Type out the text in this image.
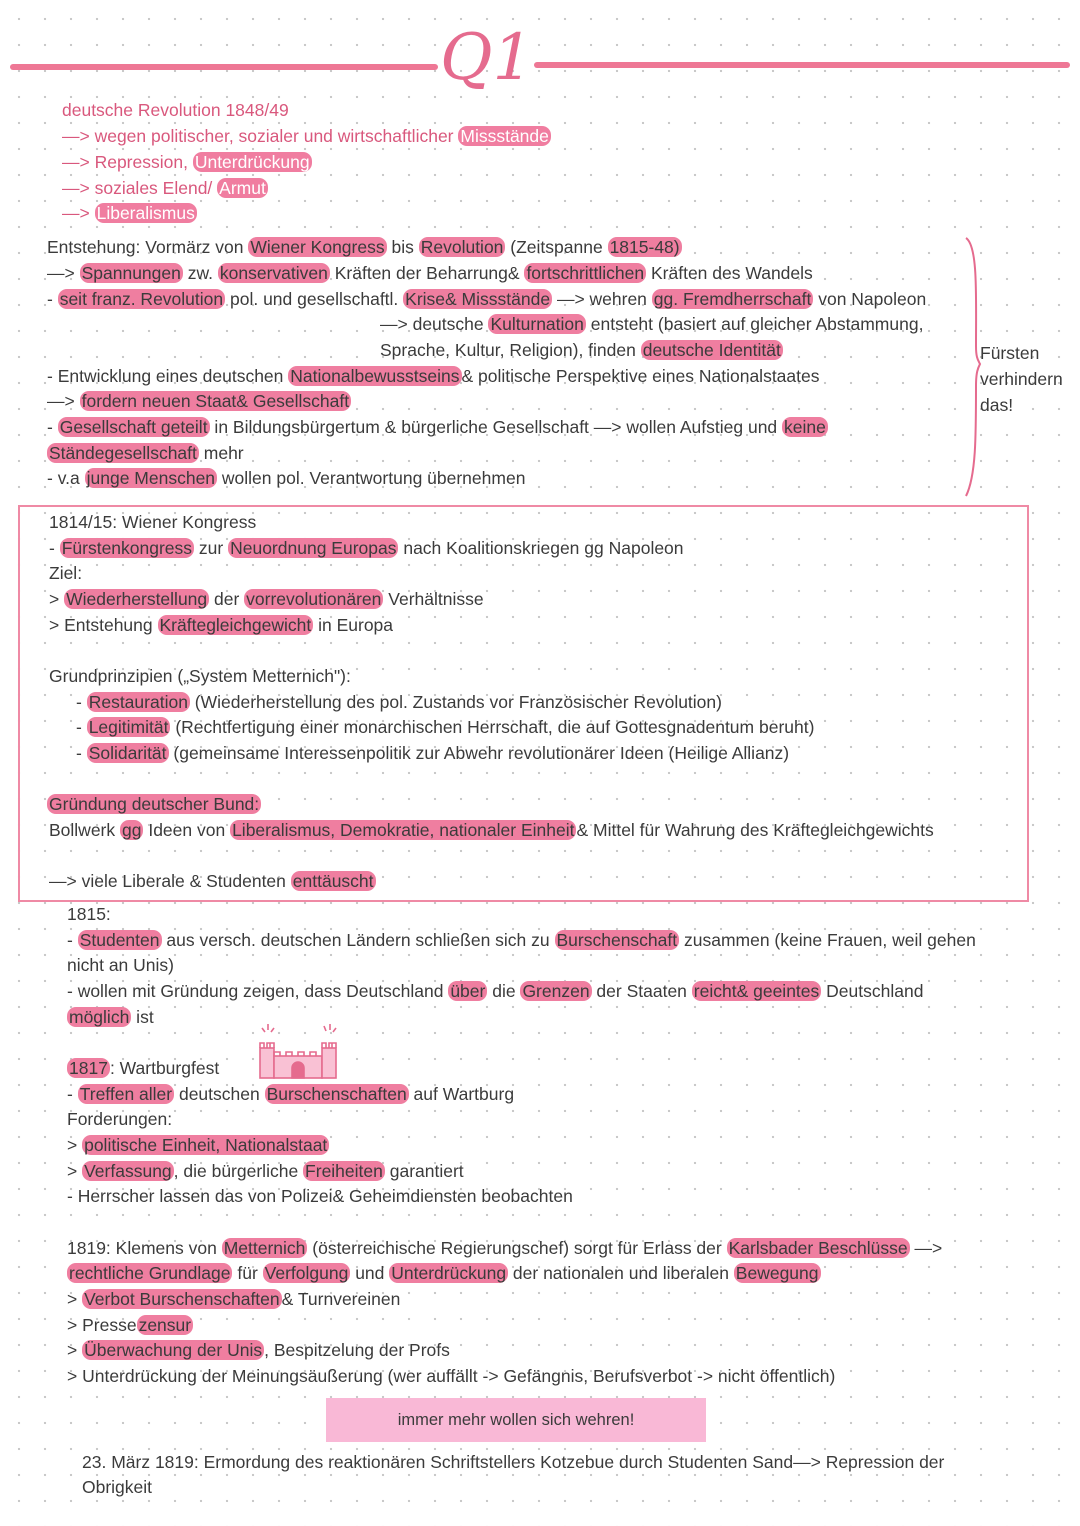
Q1
deutsche Revolution 1848/49
—> wegen politischer, sozialer und wirtschaftlicher Missstände
—> Repression, Unterdrückung
—> soziales Elend/ Armut
—> Liberalismus
Entstehung: Vormärz von Wiener Kongress bis Revolution (Zeitspanne 1815-48)
—> Spannungen zw. konservativen Kräften der Beharrung& fortschrittlichen Kräften des Wandels
- seit franz. Revolution pol. und gesellschaftl. Krise& Missstände —> wehren gg. Fremdherrschaft von Napoleon
—> deutsche Kulturnation entsteht (basiert auf gleicher Abstammung,
Sprache, Kultur, Religion), finden deutsche Identität
- Entwicklung eines deutschen Nationalbewusstseins & politische Perspektive eines Nationalstaates
—> fordern neuen Staat& Gesellschaft
- Gesellschaft geteilt in Bildungsbürgertum & bürgerliche Gesellschaft —> wollen Aufstieg und keine
Ständegesellschaft mehr
- v.a junge Menschen wollen pol. Verantwortung übernehmen
1814/15: Wiener Kongress
- Fürstenkongress zur Neuordnung Europas nach Koalitionskriegen gg Napoleon
Ziel:
> Wiederherstellung der vorrevolutionären Verhältnisse
> Entstehung Kräftegleichgewicht in Europa
Grundprinzipien („System Metternich"):
- Restauration (Wiederherstellung des pol. Zustands vor Französischer Revolution)
- Legitimität (Rechtfertigung einer monarchischen Herrschaft, die auf Gottesgnadentum beruht)
- Solidarität (gemeinsame Interessenpolitik zur Abwehr revolutionärer Ideen (Heilige Allianz)
Gründung deutscher Bund:
Bollwerk gg Ideen von Liberalismus, Demokratie, nationaler Einheit & Mittel für Wahrung des Kräftegleichgewichts
—> viele Liberale & Studenten enttäuscht
1815:
- Studenten aus versch. deutschen Ländern schließen sich zu Burschenschaft zusammen (keine Frauen, weil gehen
nicht an Unis)
- wollen mit Gründung zeigen, dass Deutschland über die Grenzen der Staaten reicht& geeintes Deutschland
möglich ist
1817 : Wartburgfest
- Treffen aller deutschen Burschenschaften auf Wartburg
Forderungen:
> politische Einheit, Nationalstaat
> Verfassung , die bürgerliche Freiheiten garantiert
- Herrscher lassen das von Polizei& Geheimdiensten beobachten
1819: Klemens von Metternich (österreichische Regierungschef) sorgt für Erlass der Karlsbader Beschlüsse —>
rechtliche Grundlage für Verfolgung und Unterdrückung der nationalen und liberalen Bewegung
> Verbot Burschenschaften & Turnvereinen
> Presse zensur
> Überwachung der Unis , Bespitzelung der Profs
> Unterdrückung der Meinungsäußerung (wer auffällt -> Gefängnis, Berufsverbot -> nicht öffentlich)
23. März 1819: Ermordung des reaktionären Schriftstellers Kotzebue durch Studenten Sand—> Repression der
Obrigkeit
Fürsten
verhindern
das!
immer mehr wollen sich wehren!
